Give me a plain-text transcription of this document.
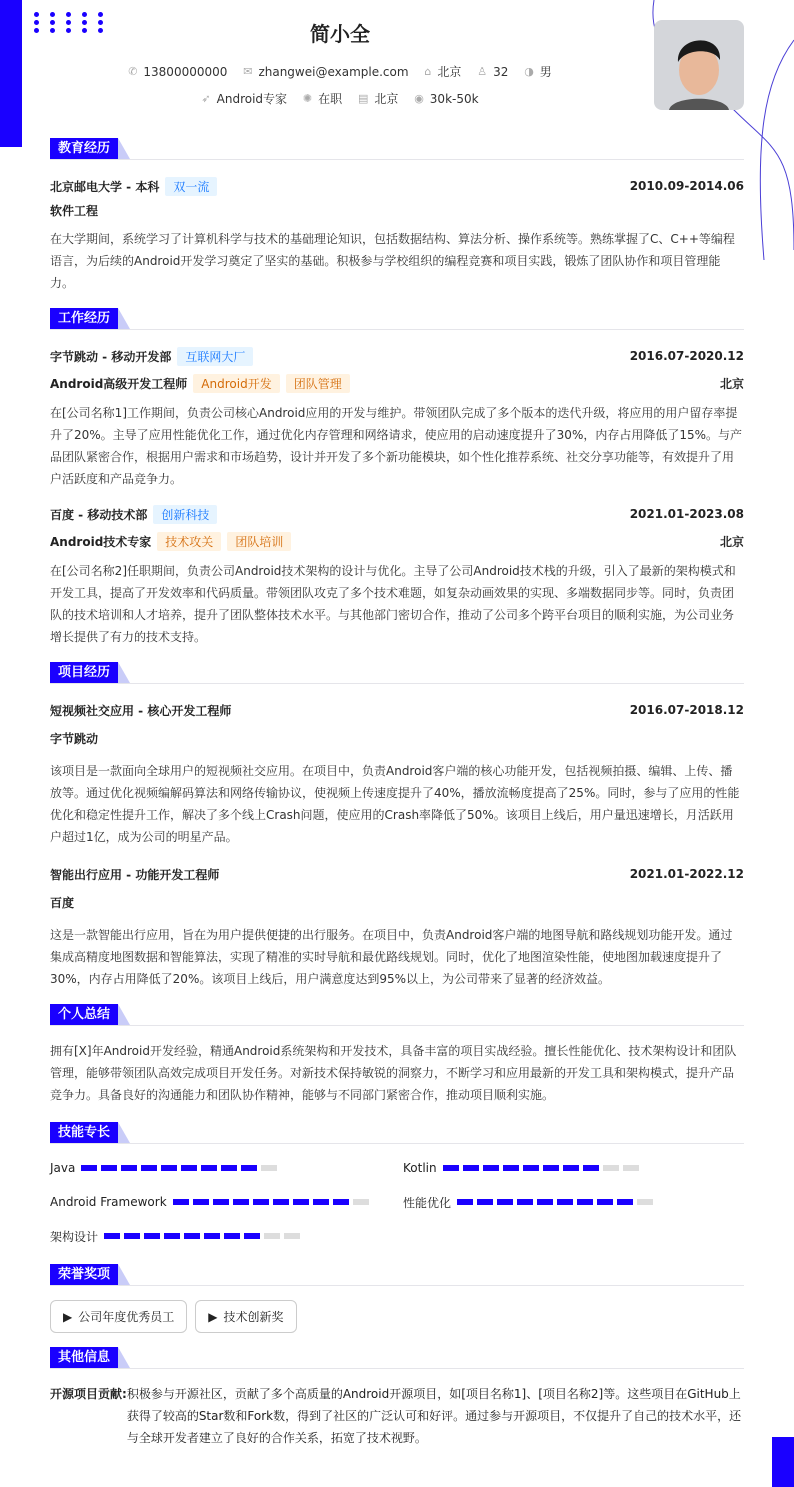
简小全
✆ 13800000000
✉ zhangwei@example.com
⌂ 北京
♙ 32
◑ 男
➶ Android专家
✺ 在职
▤ 北京
◉ 30k-50k
教育经历
北京邮电大学 - 本科	双一流	2010.09-2014.06
软件工程
在大学期间，系统学习了计算机科学与技术的基础理论知识，包括数据结构、算法分析、操作系统等。熟练掌握了C、C++等编程语言，为后续的Android开发学习奠定了坚实的基础。积极参与学校组织的编程竞赛和项目实践，锻炼了团队协作和项目管理能力。
工作经历
字节跳动 - 移动开发部	互联网大厂	2016.07-2020.12
Android高级开发工程师	Android开发	团队管理	北京
在[公司名称1]工作期间，负责公司核心Android应用的开发与维护。带领团队完成了多个版本的迭代升级，将应用的用户留存率提升了20%。主导了应用性能优化工作，通过优化内存管理和网络请求，使应用的启动速度提升了30%，内存占用降低了15%。与产品团队紧密合作，根据用户需求和市场趋势，设计并开发了多个新功能模块，如个性化推荐系统、社交分享功能等，有效提升了用户活跃度和产品竞争力。
百度 - 移动技术部	创新科技	2021.01-2023.08
Android技术专家	技术攻关	团队培训	北京
在[公司名称2]任职期间，负责公司Android技术架构的设计与优化。主导了公司Android技术栈的升级，引入了最新的架构模式和开发工具，提高了开发效率和代码质量。带领团队攻克了多个技术难题，如复杂动画效果的实现、多端数据同步等。同时，负责团队的技术培训和人才培养，提升了团队整体技术水平。与其他部门密切合作，推动了公司多个跨平台项目的顺利实施，为公司业务增长提供了有力的技术支持。
项目经历
短视频社交应用 - 核心开发工程师	2016.07-2018.12
字节跳动
该项目是一款面向全球用户的短视频社交应用。在项目中，负责Android客户端的核心功能开发，包括视频拍摄、编辑、上传、播放等。通过优化视频编解码算法和网络传输协议，使视频上传速度提升了40%，播放流畅度提高了25%。同时，参与了应用的性能优化和稳定性提升工作，解决了多个线上Crash问题，使应用的Crash率降低了50%。该项目上线后，用户量迅速增长，月活跃用户超过1亿，成为公司的明星产品。
智能出行应用 - 功能开发工程师	2021.01-2022.12
百度
这是一款智能出行应用，旨在为用户提供便捷的出行服务。在项目中，负责Android客户端的地图导航和路线规划功能开发。通过集成高精度地图数据和智能算法，实现了精准的实时导航和最优路线规划。同时，优化了地图渲染性能，使地图加载速度提升了30%，内存占用降低了20%。该项目上线后，用户满意度达到95%以上，为公司带来了显著的经济效益。
个人总结
拥有[X]年Android开发经验，精通Android系统架构和开发技术，具备丰富的项目实战经验。擅长性能优化、技术架构设计和团队管理，能够带领团队高效完成项目开发任务。对新技术保持敏锐的洞察力，不断学习和应用最新的开发工具和架构模式，提升产品竞争力。具备良好的沟通能力和团队协作精神，能够与不同部门紧密合作，推动项目顺利实施。
技能专长
Java	Kotlin
Android Framework	性能优化
架构设计
荣誉奖项
▶ 公司年度优秀员工	▶ 技术创新奖
其他信息
开源项目贡献: 积极参与开源社区，贡献了多个高质量的Android开源项目，如[项目名称1]、[项目名称2]等。这些项目在GitHub上获得了较高的Star数和Fork数，得到了社区的广泛认可和好评。通过参与开源项目，不仅提升了自己的技术水平，还与全球开发者建立了良好的合作关系，拓宽了技术视野。
